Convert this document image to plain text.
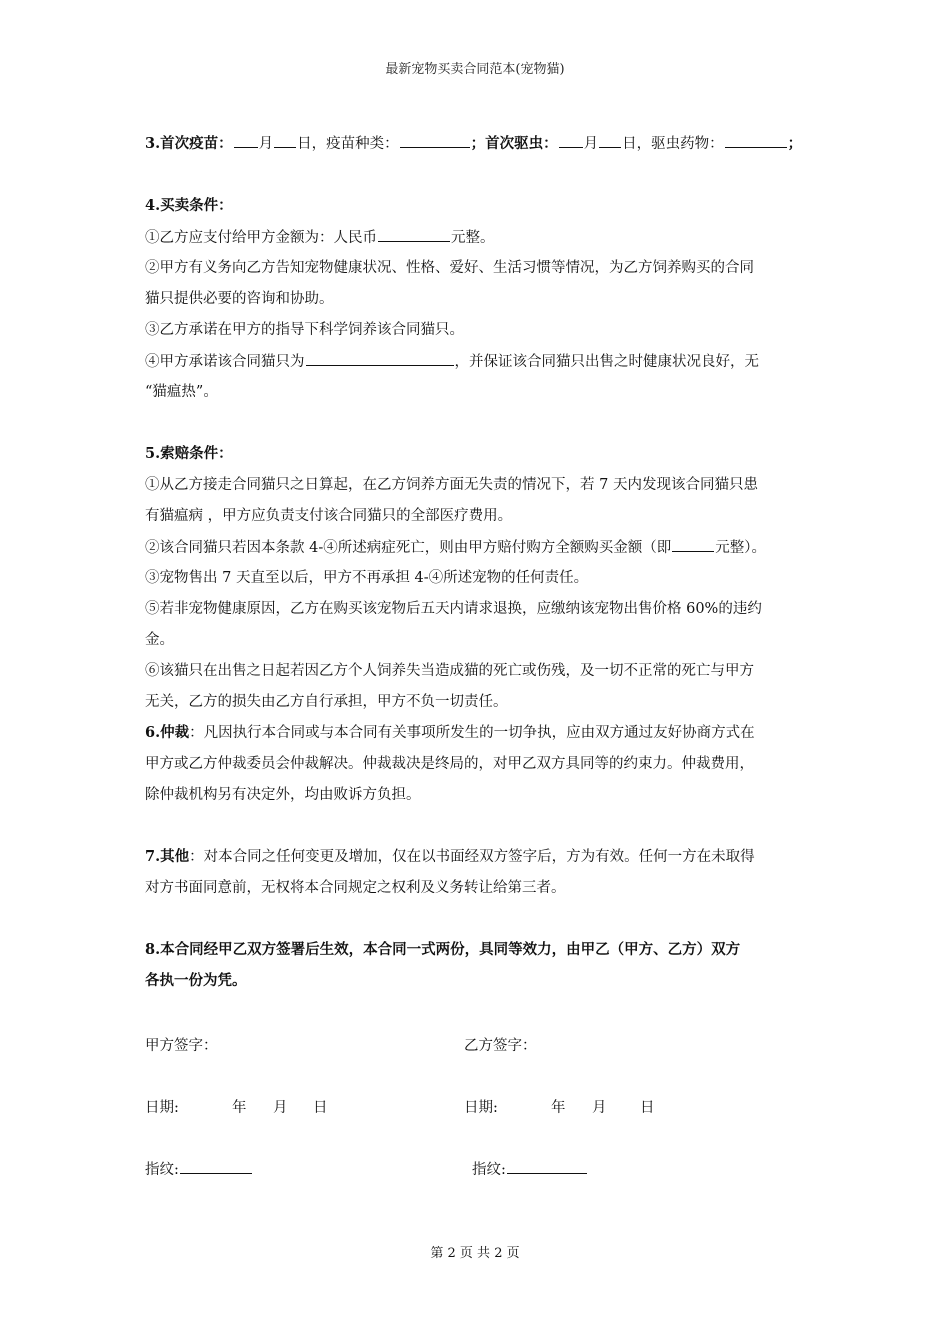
最新宠物买卖合同范本(宠物猫)
3.首次疫苗： 月 日，疫苗种类：	；首次驱虫： 月 日，驱虫药物：	；
4.买卖条件：
①乙方应支付给甲方金额为：人民币	元整。
②甲方有义务向乙方告知宠物健康状况、性格、爱好、生活习惯等情况，为乙方饲养购买的合同
猫只提供必要的咨询和协助。
③乙方承诺在甲方的指导下科学饲养该合同猫只。
④甲方承诺该合同猫只为	，并保证该合同猫只出售之时健康状况良好，无
“猫瘟热”。
5.索赔条件：
①从乙方接走合同猫只之日算起，在乙方饲养方面无失责的情况下，若 7 天内发现该合同猫只患
有猫瘟病 ，甲方应负责支付该合同猫只的全部医疗费用。
②该合同猫只若因本条款 4-④所述病症死亡，则由甲方赔付购方全额购买金额（即	元整）。
③宠物售出 7 天直至以后，甲方不再承担 4-④所述宠物的任何责任。
⑤若非宠物健康原因，乙方在购买该宠物后五天内请求退换，应缴纳该宠物出售价格 60%的违约
金。
⑥该猫只在出售之日起若因乙方个人饲养失当造成猫的死亡或伤残，及一切不正常的死亡与甲方
无关，乙方的损失由乙方自行承担，甲方不负一切责任。
6.仲裁：凡因执行本合同或与本合同有关事项所发生的一切争执，应由双方通过友好协商方式在
甲方或乙方仲裁委员会仲裁解决。仲裁裁决是终局的，对甲乙双方具同等的约束力。仲裁费用，
除仲裁机构另有决定外，均由败诉方负担。
7.其他：对本合同之任何变更及增加，仅在以书面经双方签字后，方为有效。任何一方在未取得
对方书面同意前，无权将本合同规定之权利及义务转让给第三者。
8.本合同经甲乙双方签署后生效，本合同一式两份，具同等效力，由甲乙（甲方、乙方）双方
各执一份为凭。
甲方签字：	乙方签字：
日期:	年 月 日	日期:	年 月 日
指纹:	指纹:
第 2 页 共 2 页
